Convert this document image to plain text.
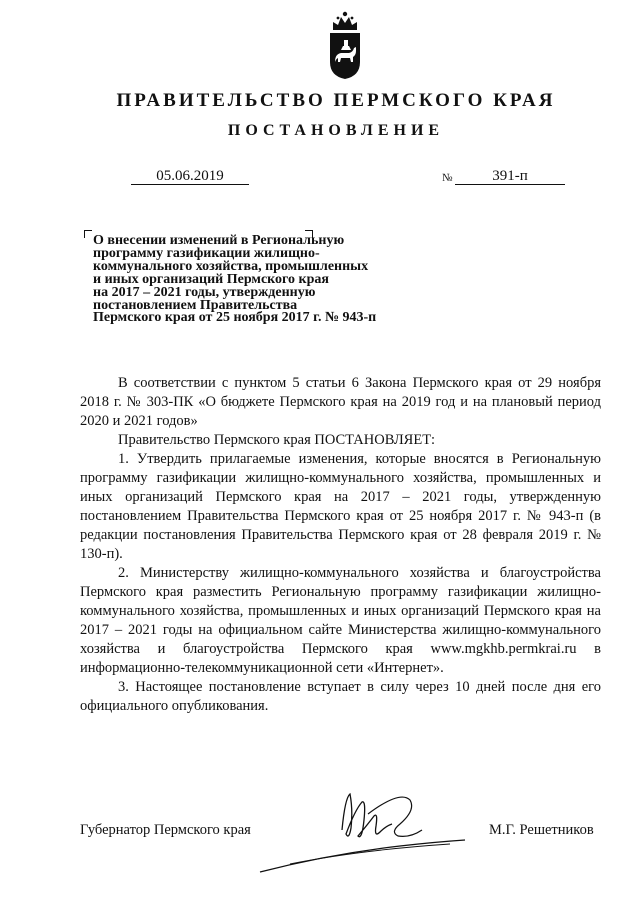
ПРАВИТЕЛЬСТВО ПЕРМСКОГО КРАЯ
ПОСТАНОВЛЕНИЕ
05.06.2019	№	391-п
О внесении изменений в Региональную
программу газификации жилищно-
коммунального хозяйства, промышленных
и иных организаций Пермского края
на 2017 – 2021 годы, утвержденную
постановлением Правительства
Пермского края от 25 ноября 2017 г. № 943-п

В соответствии с пунктом 5 статьи 6 Закона Пермского края от 29 ноября 2018 г. № 303-ПК «О бюджете Пермского края на 2019 год и на плановый период 2020 и 2021 годов»

Правительство Пермского края ПОСТАНОВЛЯЕТ:

1. Утвердить прилагаемые изменения, которые вносятся в Региональную программу газификации жилищно-коммунального хозяйства, промышленных и иных организаций Пермского края на 2017 – 2021 годы, утвержденную постановлением Правительства Пермского края от 25 ноября 2017 г. № 943-п (в редакции постановления Правительства Пермского края от 28 февраля 2019 г. № 130-п).

2. Министерству жилищно-коммунального хозяйства и благоустройства Пермского края разместить Региональную программу газификации жилищно-коммунального хозяйства, промышленных и иных организаций Пермского края на 2017 – 2021 годы на официальном сайте Министерства жилищно-коммунального хозяйства и благоустройства Пермского края www.mgkhb.permkrai.ru в информационно-телекоммуникационной сети «Интернет».

3. Настоящее постановление вступает в силу через 10 дней после дня его официального опубликования.

Губернатор Пермского края	М.Г. Решетников
